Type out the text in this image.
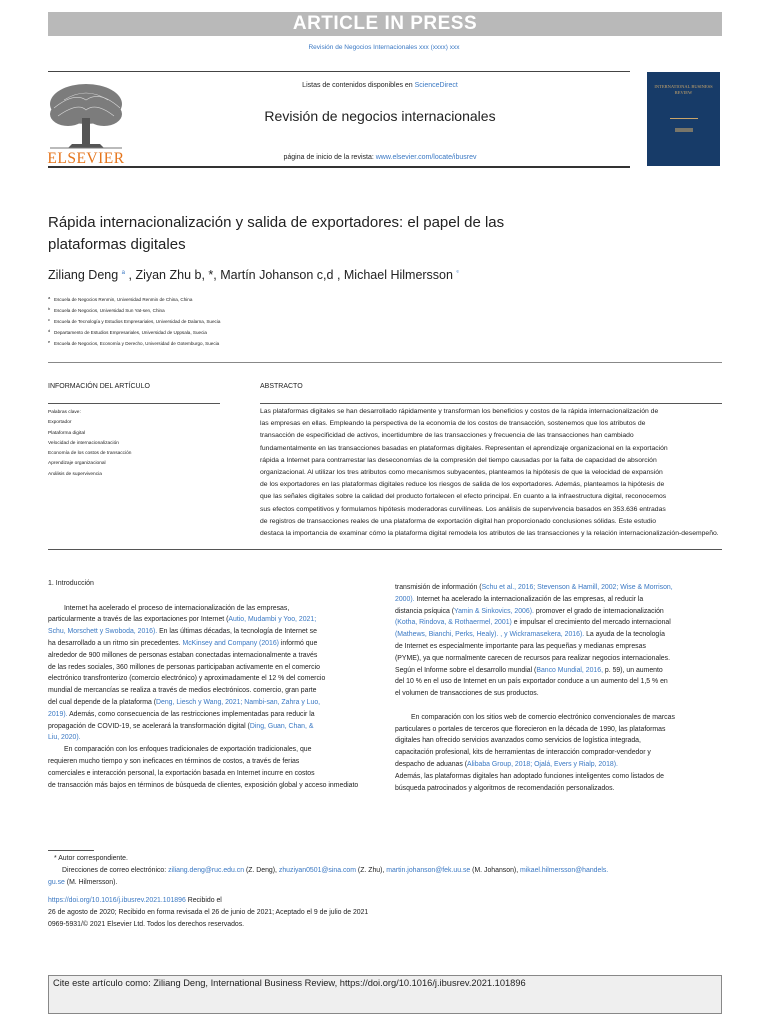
ARTICLE IN PRESS
Revisión de Negocios Internacionales xxx (xxxx) xxx
ELSEVIER
Listas de contenidos disponibles en ScienceDirect
Revisión de negocios internacionales
página de inicio de la revista: www.elsevier.com/locate/ibusrev
INTERNATIONAL BUSINESS REVIEW
Rápida internacionalización y salida de exportadores: el papel de las
plataformas digitales
Ziliang Deng $^a$ , Ziyan Zhu b, *, Martín Johanson c,d , Michael Hilmersson $^ᵉ$
a Escuela de Negocios Renmin, Universidad Renmin de China, China
b Escuela de Negocios, Universidad Sun Yat-sen, China
c Escuela de Tecnología y Estudios Empresariales, Universidad de Dalarna, Suecia
d Departamento de Estudios Empresariales, Universidad de Uppsala, Suecia
e Escuela de Negocios, Economía y Derecho, Universidad de Gotemburgo, Suecia
INFORMACIÓN DEL ARTÍCULO	ABSTRACTO
Palabras clave:
Exportador
Plataforma digital
Velocidad de internacionalización
Economía de los costos de transacción
Aprendizaje organizacional
Análisis de supervivencia
Las plataformas digitales se han desarrollado rápidamente y transforman los beneficios y costos de la rápida internacionalización de
las empresas en ellas. Empleando la perspectiva de la economía de los costos de transacción, sostenemos que los atributos de
transacción de especificidad de activos, incertidumbre de las transacciones y frecuencia de las transacciones han cambiado
fundamentalmente en las transacciones basadas en plataformas digitales. Representan el aprendizaje organizacional en la exportación
rápida a Internet para contrarrestar las deseconomías de la compresión del tiempo causadas por la falta de capacidad de absorción
organizacional. Al utilizar los tres atributos como mecanismos subyacentes, planteamos la hipótesis de que la velocidad de expansión
de los exportadores en las plataformas digitales reduce los riesgos de salida de los exportadores. Además, planteamos la hipótesis de
que las señales digitales sobre la calidad del producto fortalecen el efecto principal. En cuanto a la infraestructura digital, reconocemos
sus efectos competitivos y formulamos hipótesis moderadoras curvilíneas. Los análisis de supervivencia basados en 353.636 entradas
de registros de transacciones reales de una plataforma de exportación digital han proporcionado conclusiones sólidas. Este estudio
destaca la importancia de examinar cómo la plataforma digital remodela los atributos de las transacciones y la relación internacionalización-desempeño.
1. Introducción
Internet ha acelerado el proceso de internacionalización de las empresas,
particularmente a través de las exportaciones por Internet (Autio, Mudambi y Yoo, 2021;
Schu, Morschett y Swoboda, 2016). En las últimas décadas, la tecnología de Internet se
ha desarrollado a un ritmo sin precedentes. McKinsey and Company (2016) informó que
alrededor de 900 millones de personas estaban conectadas internacionalmente a través
de las redes sociales, 360 millones de personas participaban activamente en el comercio
electrónico transfronterizo (comercio electrónico) y aproximadamente el 12 % del comercio
mundial de mercancías se realiza a través de medios electrónicos. comercio, gran parte
del cual depende de la plataforma (Deng, Liesch y Wang, 2021; Nambi-san, Zahra y Luo,
2019). Además, como consecuencia de las restricciones implementadas para reducir la
propagación de COVID-19, se acelerará la transformación digital (Ding, Guan, Chan, &
Liu, 2020).
En comparación con los enfoques tradicionales de exportación tradicionales, que
requieren mucho tiempo y son ineficaces en términos de costos, a través de ferias
comerciales e interacción personal, la exportación basada en Internet incurre en costos
de transacción más bajos en términos de búsqueda de clientes, exposición global y acceso inmediato
transmisión de información (Schu et al., 2016; Stevenson & Hamill, 2002; Wise & Morrison,
2000). Internet ha acelerado la internacionalización de las empresas, al reducir la
distancia psíquica (Yamin & Sinkovics, 2006). promover el grado de internacionalización
(Kotha, Rindova, & Rothaermel, 2001) e impulsar el crecimiento del mercado internacional
(Mathews, Bianchi, Perks, Healy). , y Wickramasekera, 2016). La ayuda de la tecnología
de Internet es especialmente importante para las pequeñas y medianas empresas
(PYME), ya que normalmente carecen de recursos para realizar negocios internacionales.
Según el Informe sobre el desarrollo mundial (Banco Mundial, 2016, p. 59), un aumento
del 10 % en el uso de Internet en un país exportador conduce a un aumento del 1,5 % en
el volumen de transacciones de sus productos.
En comparación con los sitios web de comercio electrónico convencionales de marcas
particulares o portales de terceros que florecieron en la década de 1990, las plataformas
digitales han ofrecido servicios avanzados como servicios de logística integrada,
capacitación profesional, kits de herramientas de interacción comprador-vendedor y
despacho de aduanas (Alibaba Group, 2018; Ojalá, Evers y Rialp, 2018).
Además, las plataformas digitales han adoptado funciones inteligentes como listados de
búsqueda patrocinados y algoritmos de recomendación personalizados.
* Autor correspondiente.
Direcciones de correo electrónico: ziliang.deng@ruc.edu.cn (Z. Deng), zhuziyan0501@sina.com (Z. Zhu), martin.johanson@fek.uu.se (M. Johanson), mikael.hilmersson@handels.
gu.se (M. Hilmersson).
https://doi.org/10.1016/j.ibusrev.2021.101896 Recibido el
26 de agosto de 2020; Recibido en forma revisada el 26 de junio de 2021; Aceptado el 9 de julio de 2021
0969-5931/© 2021 Elsevier Ltd. Todos los derechos reservados.
Cite este artículo como: Ziliang Deng, International Business Review, https://doi.org/10.1016/j.ibusrev.2021.101896
